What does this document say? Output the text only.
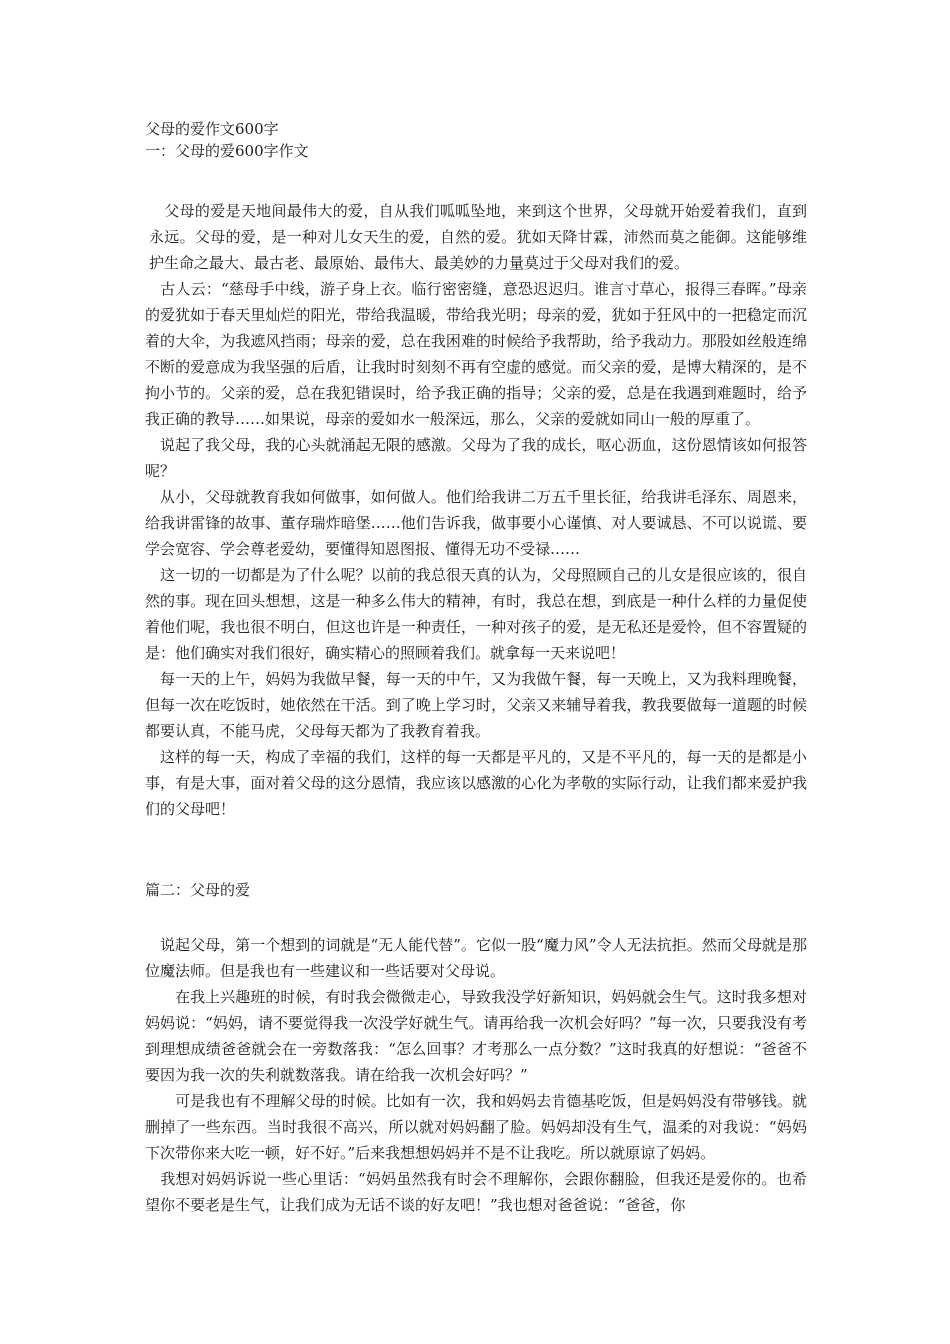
父母的爱作文600字

一：父母的爱600字作文

　父母的爱是天地间最伟大的爱，自从我们呱呱坠地，来到这个世界，父母就开始爱着我们，直到永远。父母的爱，是一种对儿女天生的爱，自然的爱。犹如天降甘霖，沛然而莫之能御。这能够维护生命之最大、最古老、最原始、最伟大、最美妙的力量莫过于父母对我们的爱。

　古人云：“慈母手中线，游子身上衣。临行密密缝，意恐迟迟归。谁言寸草心，报得三春晖。”母亲的爱犹如于春天里灿烂的阳光，带给我温暖，带给我光明；母亲的爱，犹如于狂风中的一把稳定而沉着的大伞，为我遮风挡雨；母亲的爱，总在我困难的时候给予我帮助，给予我动力。那股如丝般连绵不断的爱意成为我坚强的后盾，让我时时刻刻不再有空虚的感觉。而父亲的爱，是博大精深的，是不拘小节的。父亲的爱，总在我犯错误时，给予我正确的指导；父亲的爱，总是在我遇到难题时，给予我正确的教导……如果说，母亲的爱如水一般深远，那么，父亲的爱就如同山一般的厚重了。

　说起了我父母，我的心头就涌起无限的感激。父母为了我的成长，呕心沥血，这份恩情该如何报答呢？

　从小，父母就教育我如何做事，如何做人。他们给我讲二万五千里长征，给我讲毛泽东、周恩来，给我讲雷锋的故事、董存瑞炸暗堡……他们告诉我，做事要小心谨慎、对人要诚恳、不可以说谎、要学会宽容、学会尊老爱幼，要懂得知恩图报、懂得无功不受禄……

　这一切的一切都是为了什么呢？以前的我总很天真的认为，父母照顾自己的儿女是很应该的，很自然的事。现在回头想想，这是一种多么伟大的精神，有时，我总在想，到底是一种什么样的力量促使着他们呢，我也很不明白，但这也许是一种责任，一种对孩子的爱，是无私还是爱怜，但不容置疑的是：他们确实对我们很好，确实精心的照顾着我们。就拿每一天来说吧！

　每一天的上午，妈妈为我做早餐，每一天的中午，又为我做午餐，每一天晚上，又为我料理晚餐，但每一次在吃饭时，她依然在干活。到了晚上学习时，父亲又来辅导着我，教我要做每一道题的时候都要认真，不能马虎，父母每天都为了我教育着我。

　这样的每一天，构成了幸福的我们，这样的每一天都是平凡的，又是不平凡的，每一天的是都是小事，有是大事，面对着父母的这分恩情，我应该以感激的心化为孝敬的实际行动，让我们都来爱护我们的父母吧！

篇二：父母的爱

　说起父母，第一个想到的词就是“无人能代替”。它似一股“魔力风”令人无法抗拒。然而父母就是那位魔法师。但是我也有一些建议和一些话要对父母说。

　　在我上兴趣班的时候，有时我会微微走心，导致我没学好新知识，妈妈就会生气。这时我多想对妈妈说：“妈妈，请不要觉得我一次没学好就生气。请再给我一次机会好吗？”每一次，只要我没有考到理想成绩爸爸就会在一旁数落我：“怎么回事？才考那么一点分数？”这时我真的好想说：“爸爸不要因为我一次的失利就数落我。请在给我一次机会好吗？”

　　可是我也有不理解父母的时候。比如有一次，我和妈妈去肯德基吃饭，但是妈妈没有带够钱。就删掉了一些东西。当时我很不高兴，所以就对妈妈翻了脸。妈妈却没有生气，温柔的对我说：“妈妈下次带你来大吃一顿，好不好。”后来我想想妈妈并不是不让我吃。所以就原谅了妈妈。

　我想对妈妈诉说一些心里话：“妈妈虽然我有时会不理解你，会跟你翻脸，但我还是爱你的。也希望你不要老是生气，让我们成为无话不谈的好友吧！”我也想对爸爸说：“爸爸，你
